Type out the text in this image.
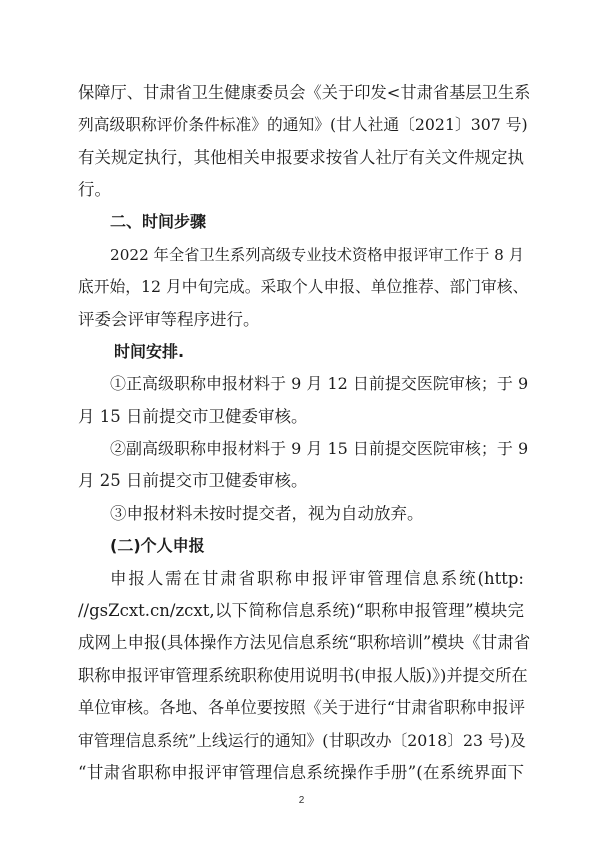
保障厅、甘肃省卫生健康委员会《关于印发<甘肃省基层卫生系
列高级职称评价条件标准》的通知》(甘人社通〔2021〕307 号)
有关规定执行，其他相关申报要求按省人社厅有关文件规定执
行。
二、时间步骤
2022 年全省卫生系列高级专业技术资格申报评审工作于 8 月
底开始，12 月中旬完成。采取个人申报、单位推荐、部门审核、
评委会评审等程序进行。
时间安排.
①正高级职称申报材料于 9 月 12 日前提交医院审核；于 9
月 15 日前提交市卫健委审核。
②副高级职称申报材料于 9 月 15 日前提交医院审核；于 9
月 25 日前提交市卫健委审核。
③申报材料未按时提交者，视为自动放弃。
(二)个人申报
申报人需在甘肃省职称申报评审管理信息系统(http:
//gsZcxt.cn/zcxt,以下简称信息系统)“职称申报管理”模块完
成网上申报(具体操作方法见信息系统“职称培训”模块《甘肃省
职称申报评审管理系统职称使用说明书(申报人版)》)并提交所在
单位审核。各地、各单位要按照《关于进行“甘肃省职称申报评
审管理信息系统”上线运行的通知》(甘职改办〔2018〕23 号)及
“甘肃省职称申报评审管理信息系统操作手册”(在系统界面下
2
